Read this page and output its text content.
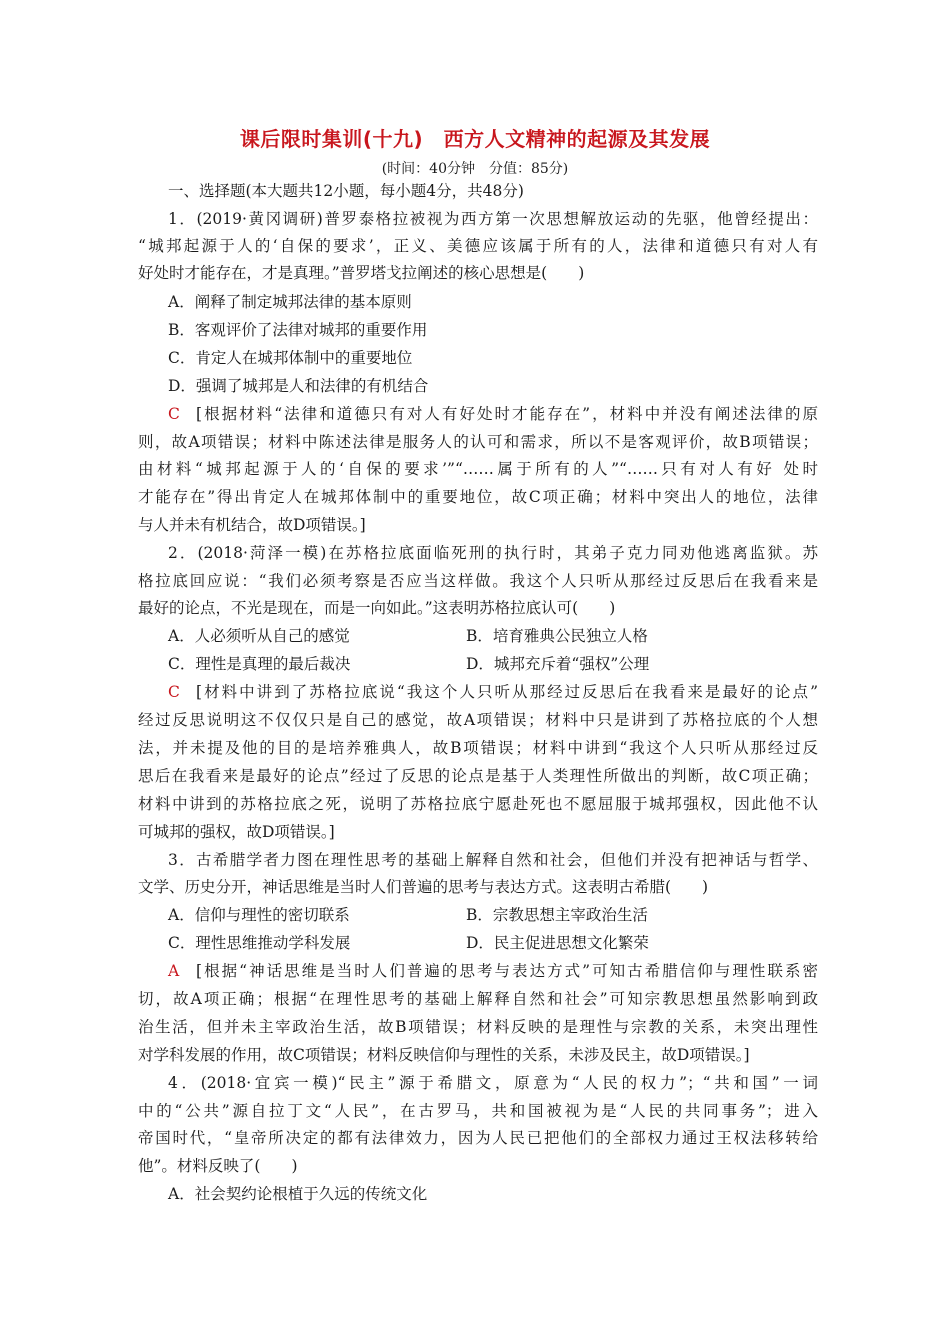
课后限时集训(十九)　西方人文精神的起源及其发展
(时间：40分钟　分值：85分)
一、选择题(本大题共12小题，每小题4分，共48分)
1．(2019·黄冈调研)普罗泰格拉被视为西方第一次思想解放运动的先驱，他曾经提出：
“城邦起源于人的‘自保的要求’，正义、美德应该属于所有的人，法律和道德只有对人有
好处时才能存在，才是真理。”普罗塔戈拉阐述的核心思想是(　　)
A．阐释了制定城邦法律的基本原则
B．客观评价了法律对城邦的重要作用
C．肯定人在城邦体制中的重要地位
D．强调了城邦是人和法律的有机结合
C [根据材料“法律和道德只有对人有好处时才能存在”，材料中并没有阐述法律的原
则，故A项错误；材料中陈述法律是服务人的认可和需求，所以不是客观评价，故B项错误；
由材料“城邦起源于人的‘自保的要求’”“……属于所有的人”“……只有对人有好 处时
才能存在”得出肯定人在城邦体制中的重要地位，故C项正确；材料中突出人的地位，法律
与人并未有机结合，故D项错误。]
2．(2018·菏泽一模)在苏格拉底面临死刑的执行时，其弟子克力同劝他逃离监狱。苏
格拉底回应说：“我们必须考察是否应当这样做。我这个人只听从那经过反思后在我看来是
最好的论点，不光是现在，而是一向如此。”这表明苏格拉底认可(　　)
A．人必须听从自己的感觉	B．培育雅典公民独立人格
C．理性是真理的最后裁决	D．城邦充斥着“强权”公理
C [材料中讲到了苏格拉底说“我这个人只听从那经过反思后在我看来是最好的论点”
经过反思说明这不仅仅只是自己的感觉，故A项错误；材料中只是讲到了苏格拉底的个人想
法，并未提及他的目的是培养雅典人，故B项错误；材料中讲到“我这个人只听从那经过反
思后在我看来是最好的论点”经过了反思的论点是基于人类理性所做出的判断，故C项正确；
材料中讲到的苏格拉底之死，说明了苏格拉底宁愿赴死也不愿屈服于城邦强权，因此他不认
可城邦的强权，故D项错误。]
3．古希腊学者力图在理性思考的基础上解释自然和社会，但他们并没有把神话与哲学、
文学、历史分开，神话思维是当时人们普遍的思考与表达方式。这表明古希腊(　　)
A．信仰与理性的密切联系	B．宗教思想主宰政治生活
C．理性思维推动学科发展	D．民主促进思想文化繁荣
A [根据“神话思维是当时人们普遍的思考与表达方式”可知古希腊信仰与理性联系密
切，故A项正确；根据“在理性思考的基础上解释自然和社会”可知宗教思想虽然影响到政
治生活，但并未主宰政治生活，故B项错误；材料反映的是理性与宗教的关系，未突出理性
对学科发展的作用，故C项错误；材料反映信仰与理性的关系，未涉及民主，故D项错误。]
4．(2018·宜宾一模)“民主”源于希腊文，原意为“人民的权力”；“共和国”一词
中的“公共”源自拉丁文“人民”，在古罗马，共和国被视为是“人民的共同事务”；进入
帝国时代，“皇帝所决定的都有法律效力，因为人民已把他们的全部权力通过王权法移转给
他”。材料反映了(　　)
A．社会契约论根植于久远的传统文化
